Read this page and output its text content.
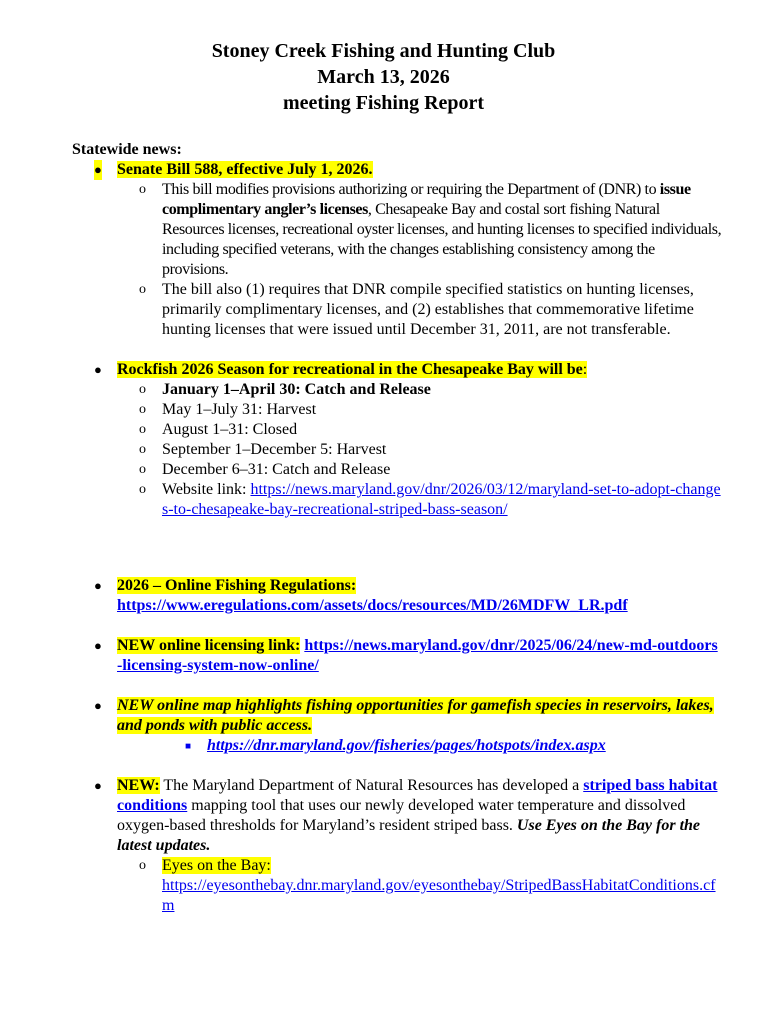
Stoney Creek Fishing and Hunting Club
March 13, 2026
meeting Fishing Report
Statewide news:
● Senate Bill 588, effective July 1, 2026.
o This bill modifies provisions authorizing or requiring the Department of (DNR) to issue complimentary angler’s licenses, Chesapeake Bay and costal sort fishing Natural Resources licenses, recreational oyster licenses, and hunting licenses to specified individuals, including specified veterans, with the changes establishing consistency among the provisions.
o The bill also (1) requires that DNR compile specified statistics on hunting licenses, primarily complimentary licenses, and (2) establishes that commemorative lifetime hunting licenses that were issued until December 31, 2011, are not transferable.
● Rockfish 2026 Season for recreational in the Chesapeake Bay will be:
o January 1–April 30: Catch and Release
o May 1–July 31: Harvest
o August 1–31: Closed
o September 1–December 5: Harvest
o December 6–31: Catch and Release
o Website link: https://news.maryland.gov/dnr/2026/03/12/maryland-set-to-adopt-changes-to-chesapeake-bay-recreational-striped-bass-season/
● 2026 – Online Fishing Regulations:
https://www.eregulations.com/assets/docs/resources/MD/26MDFW_LR.pdf
● NEW online licensing link: https://news.maryland.gov/dnr/2025/06/24/new-md-outdoors-licensing-system-now-online/
● NEW online map highlights fishing opportunities for gamefish species in reservoirs, lakes, and ponds with public access.
■ https://dnr.maryland.gov/fisheries/pages/hotspots/index.aspx
● NEW: The Maryland Department of Natural Resources has developed a striped bass habitat conditions mapping tool that uses our newly developed water temperature and dissolved oxygen-based thresholds for Maryland’s resident striped bass. Use Eyes on the Bay for the latest updates.
o Eyes on the Bay:
https://eyesonthebay.dnr.maryland.gov/eyesonthebay/StripedBassHabitatConditions.cfm
